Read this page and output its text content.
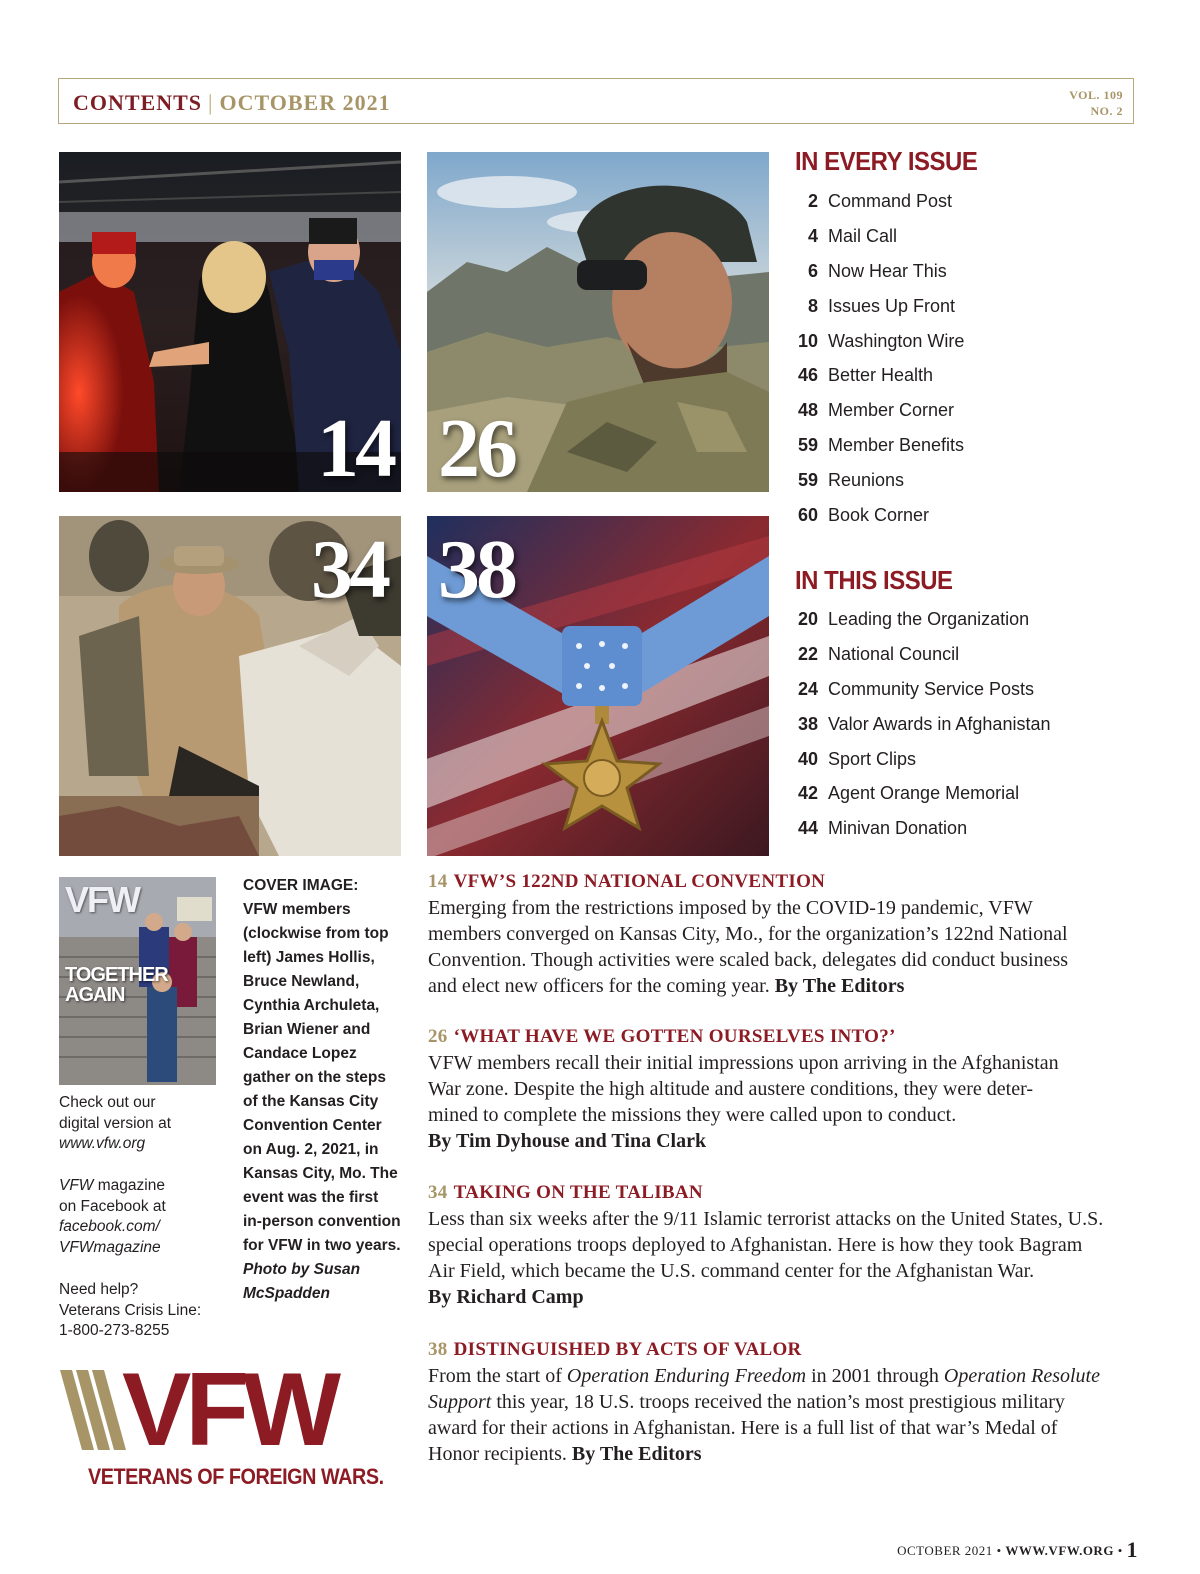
CONTENTS | OCTOBER 2021	VOL. 109
NO. 2
14 26
34 38
IN EVERY ISSUE
2 Command Post
4 Mail Call
6 Now Hear This
8 Issues Up Front
10 Washington Wire
46 Better Health
48 Member Corner
59 Member Benefits
59 Reunions
60 Book Corner
IN THIS ISSUE
20 Leading the Organization
22 National Council
24 Community Service Posts
38 Valor Awards in Afghanistan
40 Sport Clips
42 Agent Orange Memorial
44 Minivan Donation
VFW
TOGETHER
AGAIN
Check out our
digital version at
www.vfw.org
VFW magazine
on Facebook at
facebook.com/
VFWmagazine
Need help?
Veterans Crisis Line:
1-800-273-8255
COVER IMAGE:
VFW members
(clockwise from top
left) James Hollis,
Bruce Newland,
Cynthia Archuleta,
Brian Wiener and
Candace Lopez
gather on the steps
of the Kansas City
Convention Center
on Aug. 2, 2021, in
Kansas City, Mo. The
event was the first
in-person convention
for VFW in two years.
Photo by Susan
McSpadden
14 VFW’S 122ND NATIONAL CONVENTION
Emerging from the restrictions imposed by the COVID-19 pandemic, VFW
members converged on Kansas City, Mo., for the organization’s 122nd National
Convention. Though activities were scaled back, delegates did conduct business
and elect new officers for the coming year. By The Editors
26 ‘WHAT HAVE WE GOTTEN OURSELVES INTO?’
VFW members recall their initial impressions upon arriving in the Afghanistan
War zone. Despite the high altitude and austere conditions, they were deter-
mined to complete the missions they were called upon to conduct.
By Tim Dyhouse and Tina Clark
34 TAKING ON THE TALIBAN
Less than six weeks after the 9/11 Islamic terrorist attacks on the United States, U.S.
special operations troops deployed to Afghanistan. Here is how they took Bagram
Air Field, which became the U.S. command center for the Afghanistan War.
By Richard Camp
38 DISTINGUISHED BY ACTS OF VALOR
From the start of Operation Enduring Freedom in 2001 through Operation Resolute
Support this year, 18 U.S. troops received the nation’s most prestigious military
award for their actions in Afghanistan. Here is a full list of that war’s Medal of
Honor recipients. By The Editors
VFW
VETERANS OF FOREIGN WARS.
OCTOBER 2021 • WWW.VFW.ORG • 1
